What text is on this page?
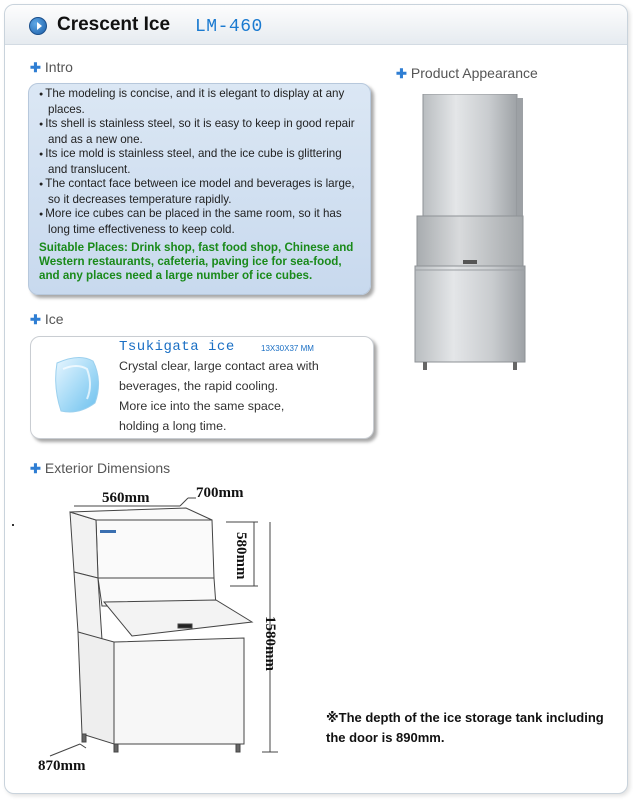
Crescent Ice LM-460
✚ Intro
● The modeling is concise, and it is elegant to display at any places.
● Its shell is stainless steel, so it is easy to keep in good repair and as a new one.
● Its ice mold is stainless steel, and the ice cube is glittering and translucent.
● The contact face between ice model and beverages is large, so it decreases temperature rapidly.
● More ice cubes can be placed in the same room, so it has long time effectiveness to keep cold.
Suitable Places: Drink shop, fast food shop, Chinese and Western restaurants, cafeteria, paving ice for sea-food, and any places need a large number of ice cubes.
✚ Ice
Tsukigata ice	13X30X37 MM
Crystal clear, large contact area with
beverages, the rapid cooling.
More ice into the same space,
holding a long time.
✚ Product Appearance
✚ Exterior Dimensions
560mm	700mm
580mm
1580mm
870mm
※The depth of the ice storage tank including the door is 890mm.
